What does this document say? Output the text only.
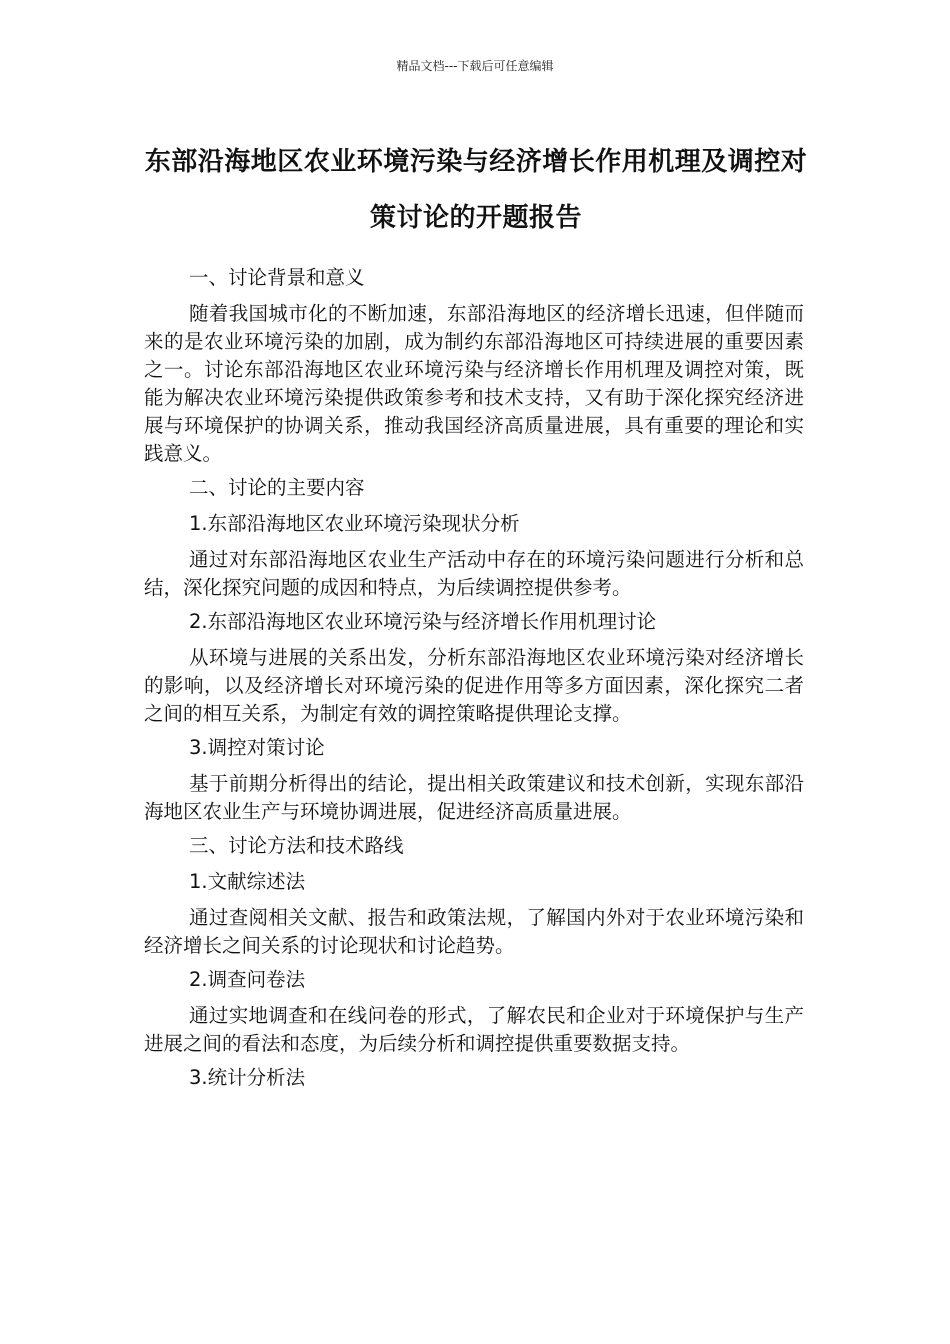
精品文档---下载后可任意编辑
东部沿海地区农业环境污染与经济增长作用机理及调控对策讨论的开题报告

一、讨论背景和意义

随着我国城市化的不断加速，东部沿海地区的经济增长迅速，但伴随而来的是农业环境污染的加剧，成为制约东部沿海地区可持续进展的重要因素之一。讨论东部沿海地区农业环境污染与经济增长作用机理及调控对策，既能为解决农业环境污染提供政策参考和技术支持，又有助于深化探究经济进展与环境保护的协调关系，推动我国经济高质量进展，具有重要的理论和实践意义。

二、讨论的主要内容

1.东部沿海地区农业环境污染现状分析

通过对东部沿海地区农业生产活动中存在的环境污染问题进行分析和总结，深化探究问题的成因和特点，为后续调控提供参考。

2.东部沿海地区农业环境污染与经济增长作用机理讨论

从环境与进展的关系出发，分析东部沿海地区农业环境污染对经济增长的影响，以及经济增长对环境污染的促进作用等多方面因素，深化探究二者之间的相互关系，为制定有效的调控策略提供理论支撑。

3.调控对策讨论

基于前期分析得出的结论，提出相关政策建议和技术创新，实现东部沿海地区农业生产与环境协调进展，促进经济高质量进展。

三、讨论方法和技术路线

1.文献综述法

通过查阅相关文献、报告和政策法规，了解国内外对于农业环境污染和经济增长之间关系的讨论现状和讨论趋势。

2.调查问卷法

通过实地调查和在线问卷的形式，了解农民和企业对于环境保护与生产进展之间的看法和态度，为后续分析和调控提供重要数据支持。

3.统计分析法
